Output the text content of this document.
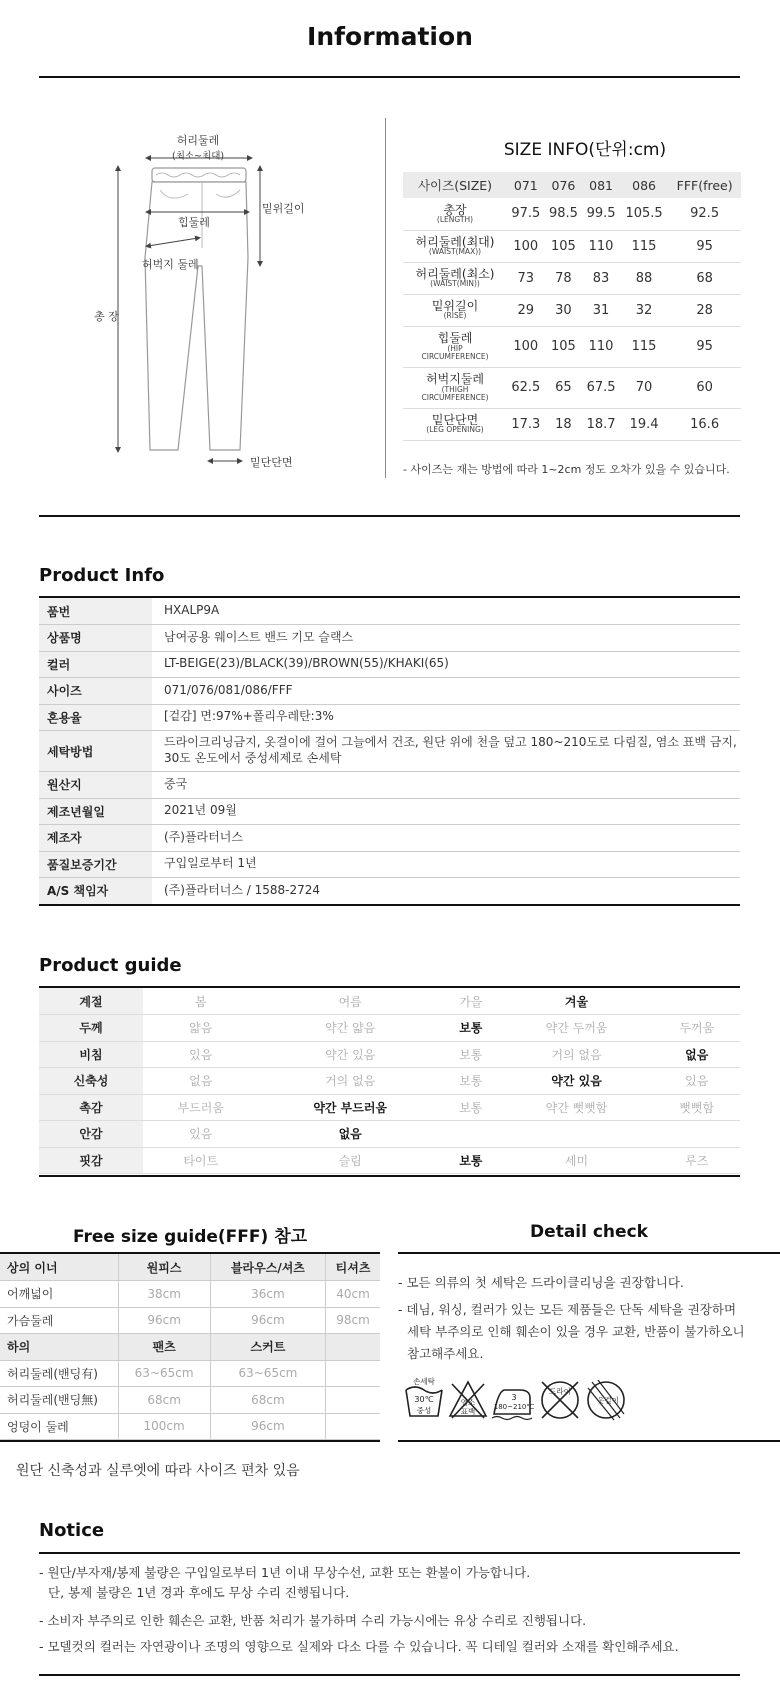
Information
허리둘레
(최소~최대)
밑위길이
힙둘레
허벅지 둘레
총 장
밑단단면
SIZE INFO(단위:cm)
사이즈(SIZE)	071	076	081	086	FFF(free)

총장
(LENGTH)	97.5	98.5	99.5	105.5	92.5

허리둘레(최대)
(WAIST(MAX))	100	105	110	115	95

허리둘레(최소)
(WAIST(MIN))	73	78	83	88	68

밑위길이
(RISE)	29	30	31	32	28

힙둘레
(HIP
CIRCUMFERENCE)	100	105	110	115	95

허벅지둘레
(THIGH
CIRCUMFERENCE)	62.5	65	67.5	70	60

밑단단면
(LEG OPENING)	17.3	18	18.7	19.4	16.6
- 사이즈는 재는 방법에 따라 1~2cm 정도 오차가 있을 수 있습니다.
Product Info
품번	HXALP9A
상품명	남여공용 웨이스트 밴드 기모 슬랙스
컬러	LT-BEIGE(23)/BLACK(39)/BROWN(55)/KHAKI(65)
사이즈	071/076/081/086/FFF
혼용율	[겉감] 면:97%+폴리우레탄:3%
세탁방법	드라이크리닝금지, 옷걸이에 걸어 그늘에서 건조, 원단 위에 천을 덮고 180~210도로 다림질, 염소 표백 금지, 30도 온도에서 중성세제로 손세탁
원산지	중국
제조년월일	2021년 09월
제조자	(주)플라터너스
품질보증기간	구입일로부터 1년
A/S 책임자	(주)플라터너스 / 1588-2724
Product guide
계절	봄	여름	가을	겨울	
두께	얇음	약간 얇음	보통	약간 두꺼움	두꺼움
비침	있음	약간 있음	보통	거의 없음	없음
신축성	없음	거의 없음	보통	약간 있음	있음
촉감	부드러움	약간 부드러움	보통	약간 뻣뻣함	뻣뻣함
안감	있음	없음			
핏감	타이트	슬림	보통	세미	루즈
Free size guide(FFF) 참고
상의 이너	원피스	블라우스/셔츠	티셔츠
어깨넓이	38cm	36cm	40cm
가슴둘레	96cm	96cm	98cm
하의	팬츠	스커트	
허리둘레(밴딩有)	63~65cm	63~65cm	
허리둘레(밴딩無)	68cm	68cm	
엉덩이 둘레	100cm	96cm	
원단 신축성과 실루엣에 따라 사이즈 편차 있음
Detail check
- 모든 의류의 첫 세탁은 드라이클리닝을 권장합니다.
- 데님, 워싱, 컬러가 있는 모든 제품들은 단독 세탁을 권장하며
세탁 부주의로 인해 훼손이 있을 경우 교환, 반품이 불가하오니
참고해주세요.
손세탁
30℃
중성
염소
표백
3
180~210℃
드라이
옷걸이
Notice
- 원단/부자재/봉제 불량은 구입일로부터 1년 이내 무상수선, 교환 또는 환불이 가능합니다.
단, 봉제 불량은 1년 경과 후에도 무상 수리 진행됩니다.
- 소비자 부주의로 인한 훼손은 교환, 반품 처리가 불가하며 수리 가능시에는 유상 수리로 진행됩니다.
- 모델컷의 컬러는 자연광이나 조명의 영향으로 실제와 다소 다를 수 있습니다. 꼭 디테일 컬러와 소재를 확인해주세요.
